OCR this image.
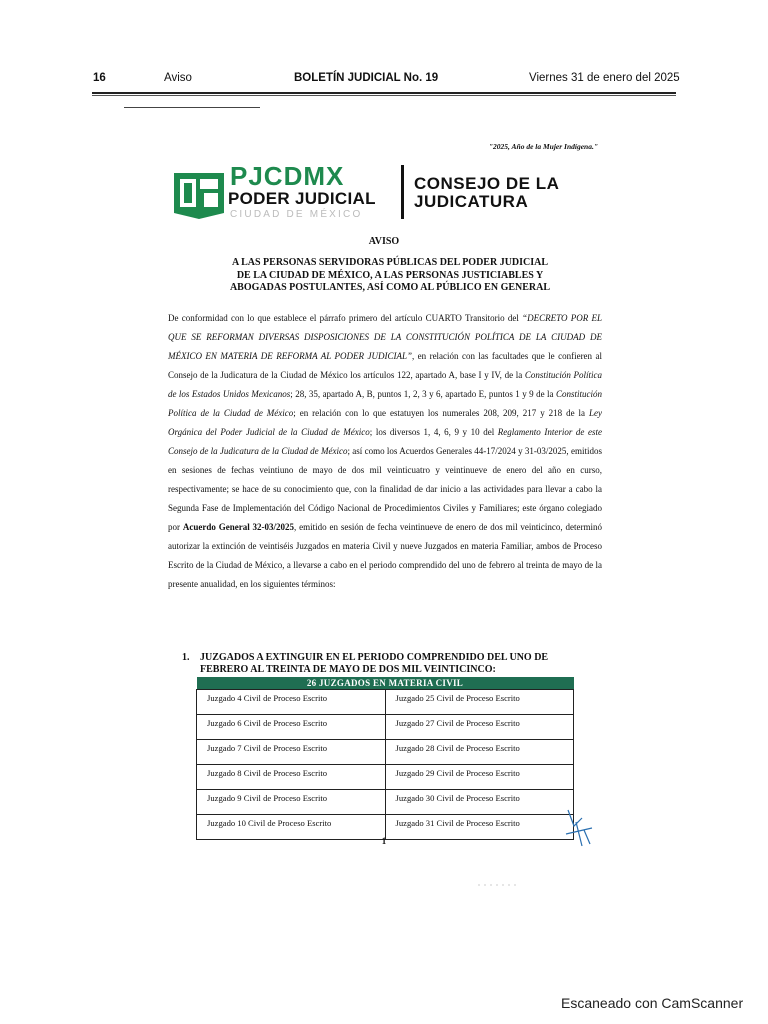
16	Aviso	BOLETÍN JUDICIAL No. 19	Viernes 31 de enero del 2025
"2025, Año de la Mujer Indígena."
PJCDMX
PODER JUDICIAL
CIUDAD DE MÉXICO
CONSEJO DE LA
JUDICATURA
AVISO
A LAS PERSONAS SERVIDORAS PÚBLICAS DEL PODER JUDICIAL
DE LA CIUDAD DE MÉXICO, A LAS PERSONAS JUSTICIABLES Y
ABOGADAS POSTULANTES, ASÍ COMO AL PÚBLICO EN GENERAL
De conformidad con lo que establece el párrafo primero del artículo CUARTO Transitorio del “DECRETO POR EL QUE SE REFORMAN DIVERSAS DISPOSICIONES DE LA CONSTITUCIÓN POLÍTICA DE LA CIUDAD DE MÉXICO EN MATERIA DE REFORMA AL PODER JUDICIAL”, en relación con las facultades que le confieren al Consejo de la Judicatura de la Ciudad de México los artículos 122, apartado A, base I y IV, de la Constitución Política de los Estados Unidos Mexicanos; 28, 35, apartado A, B, puntos 1, 2, 3 y 6, apartado E, puntos 1 y 9 de la Constitución Política de la Ciudad de México; en relación con lo que estatuyen los numerales 208, 209, 217 y 218 de la Ley Orgánica del Poder Judicial de la Ciudad de México; los diversos 1, 4, 6, 9 y 10 del Reglamento Interior de este Consejo de la Judicatura de la Ciudad de México; así como los Acuerdos Generales 44-17/2024 y 31-03/2025, emitidos en sesiones de fechas veintiuno de mayo de dos mil veinticuatro y veintinueve de enero del año en curso, respectivamente; se hace de su conocimiento que, con la finalidad de dar inicio a las actividades para llevar a cabo la Segunda Fase de Implementación del Código Nacional de Procedimientos Civiles y Familiares; este órgano colegiado por Acuerdo General 32-03/2025, emitido en sesión de fecha veintinueve de enero de dos mil veinticinco, determinó autorizar la extinción de veintiséis Juzgados en materia Civil y nueve Juzgados en materia Familiar, ambos de Proceso Escrito de la Ciudad de México, a llevarse a cabo en el periodo comprendido del uno de febrero al treinta de mayo de la presente anualidad, en los siguientes términos:
1. JUZGADOS A EXTINGUIR EN EL PERIODO COMPRENDIDO DEL UNO DE FEBRERO AL TREINTA DE MAYO DE DOS MIL VEINTICINCO:
26 JUZGADOS EN MATERIA CIVIL	
Juzgado 4 Civil de Proceso Escrito	Juzgado 25 Civil de Proceso Escrito
Juzgado 6 Civil de Proceso Escrito	Juzgado 27 Civil de Proceso Escrito
Juzgado 7 Civil de Proceso Escrito	Juzgado 28 Civil de Proceso Escrito
Juzgado 8 Civil de Proceso Escrito	Juzgado 29 Civil de Proceso Escrito
Juzgado 9 Civil de Proceso Escrito	Juzgado 30 Civil de Proceso Escrito
Juzgado 10 Civil de Proceso Escrito	Juzgado 31 Civil de Proceso Escrito
1
Escaneado con CamScanner
